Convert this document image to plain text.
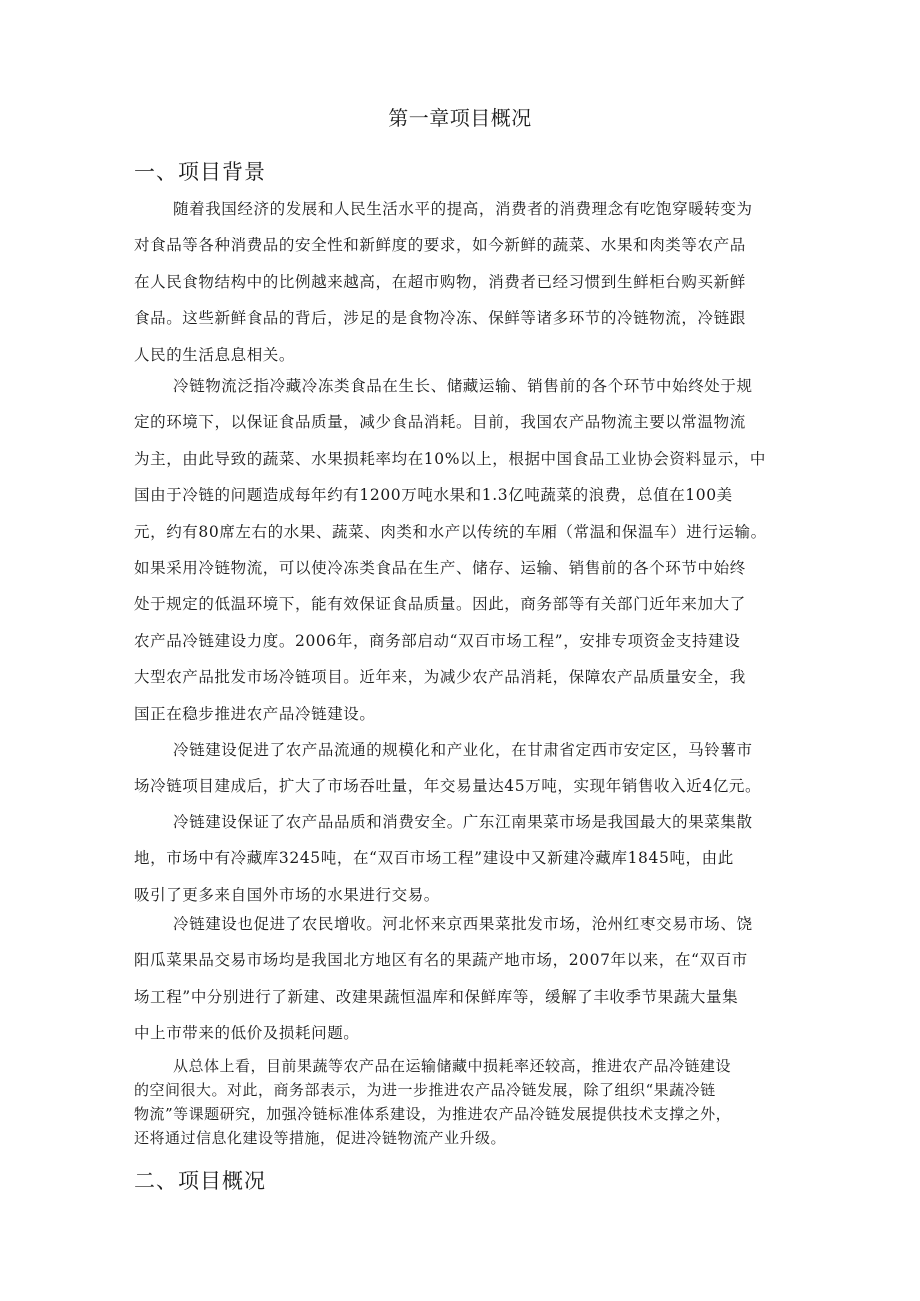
第一章项目概况
一、项目背景
随着我国经济的发展和人民生活水平的提高，消费者的消费理念有吃饱穿暖转变为
对食品等各种消费品的安全性和新鲜度的要求，如今新鲜的蔬菜、水果和肉类等农产品
在人民食物结构中的比例越来越高，在超市购物，消费者已经习惯到生鲜柜台购买新鲜
食品。这些新鲜食品的背后，涉足的是食物冷冻、保鲜等诸多环节的冷链物流，冷链跟
人民的生活息息相关。
冷链物流泛指冷藏冷冻类食品在生长、储藏运输、销售前的各个环节中始终处于规
定的环境下，以保证食品质量，减少食品消耗。目前，我国农产品物流主要以常温物流
为主，由此导致的蔬菜、水果损耗率均在10%以上，根据中国食品工业协会资料显示，中
国由于冷链的问题造成每年约有1200万吨水果和1.3亿吨蔬菜的浪费，总值在100美
元，约有80席左右的水果、蔬菜、肉类和水产以传统的车厢（常温和保温车）进行运输。
如果采用冷链物流，可以使冷冻类食品在生产、储存、运输、销售前的各个环节中始终
处于规定的低温环境下，能有效保证食品质量。因此，商务部等有关部门近年来加大了
农产品冷链建设力度。2006年，商务部启动“双百市场工程”，安排专项资金支持建设
大型农产品批发市场冷链项目。近年来，为减少农产品消耗，保障农产品质量安全，我
国正在稳步推进农产品冷链建设。
冷链建设促进了农产品流通的规模化和产业化，在甘肃省定西市安定区，马铃薯市
场冷链项目建成后，扩大了市场吞吐量，年交易量达45万吨，实现年销售收入近4亿元。
冷链建设保证了农产品品质和消费安全。广东江南果菜市场是我国最大的果菜集散
地，市场中有冷藏库3245吨，在“双百市场工程”建设中又新建冷藏库1845吨，由此
吸引了更多来自国外市场的水果进行交易。
冷链建设也促进了农民增收。河北怀来京西果菜批发市场，沧州红枣交易市场、饶
阳瓜菜果品交易市场均是我国北方地区有名的果蔬产地市场，2007年以来，在“双百市
场工程”中分别进行了新建、改建果蔬恒温库和保鲜库等，缓解了丰收季节果蔬大量集
中上市带来的低价及损耗问题。
从总体上看，目前果蔬等农产品在运输储藏中损耗率还较高，推进农产品冷链建设
的空间很大。对此，商务部表示，为进一步推进农产品冷链发展，除了组织“果蔬冷链
物流”等课题研究，加强冷链标准体系建设，为推进农产品冷链发展提供技术支撑之外，
还将通过信息化建设等措施，促进冷链物流产业升级。
二、项目概况
